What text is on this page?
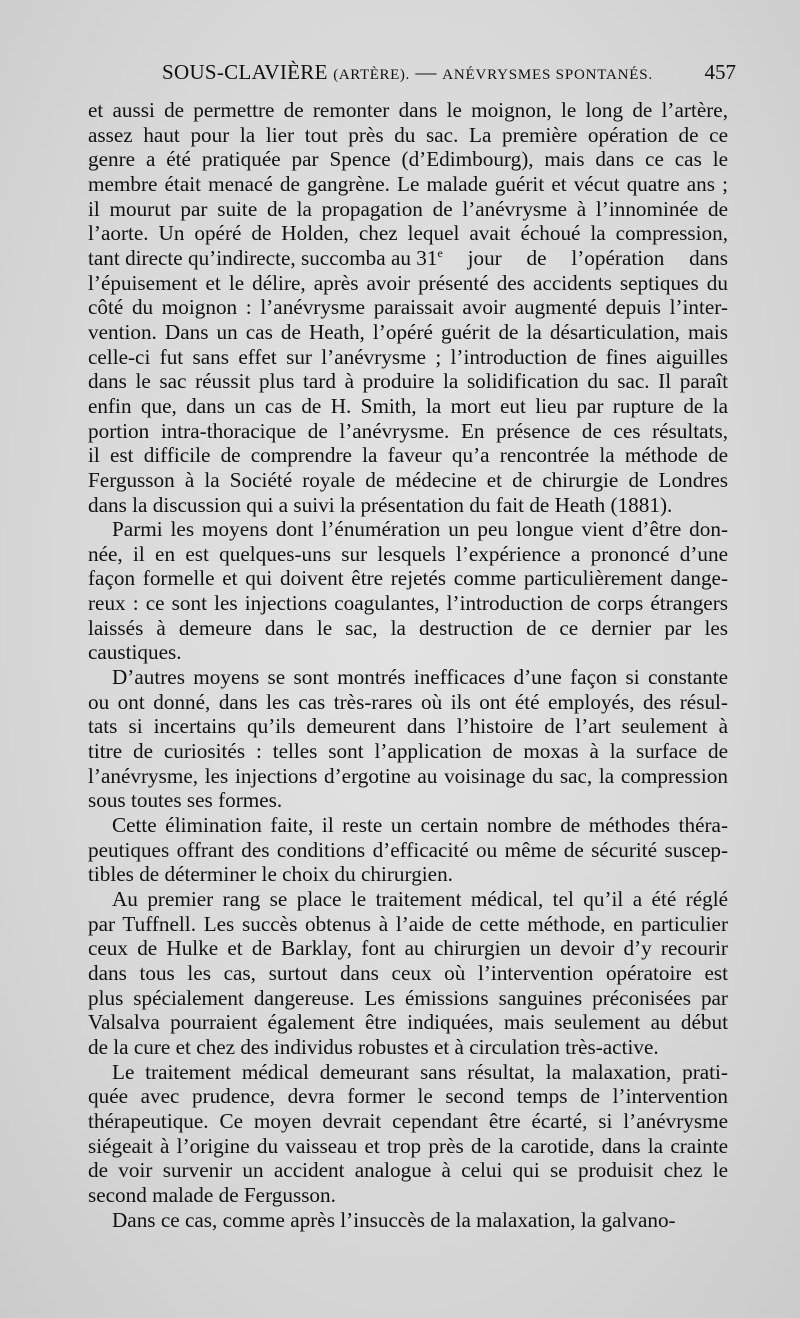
SOUS-CLAVIÈRE (ARTÈRE). — ANÉVRYSMES SPONTANÉS. 457
et aussi de permettre de remonter dans le moignon, le long de l’artère,
assez haut pour la lier tout près du sac. La première opération de ce
genre a été pratiquée par Spence (d’Edimbourg), mais dans ce cas le
membre était menacé de gangrène. Le malade guérit et vécut quatre ans ;
il mourut par suite de la propagation de l’anévrysme à l’innominée de
l’aorte. Un opéré de Holden, chez lequel avait échoué la compression,
tant directe qu’indirecte, succomba au 31e jour de l’opération dans
l’épuisement et le délire, après avoir présenté des accidents septiques du
côté du moignon : l’anévrysme paraissait avoir augmenté depuis l’inter-
vention. Dans un cas de Heath, l’opéré guérit de la désarticulation, mais
celle-ci fut sans effet sur l’anévrysme ; l’introduction de fines aiguilles
dans le sac réussit plus tard à produire la solidification du sac. Il paraît
enfin que, dans un cas de H. Smith, la mort eut lieu par rupture de la
portion intra-thoracique de l’anévrysme. En présence de ces résultats,
il est difficile de comprendre la faveur qu’a rencontrée la méthode de
Fergusson à la Société royale de médecine et de chirurgie de Londres
dans la discussion qui a suivi la présentation du fait de Heath (1881).
Parmi les moyens dont l’énumération un peu longue vient d’être don-
née, il en est quelques-uns sur lesquels l’expérience a prononcé d’une
façon formelle et qui doivent être rejetés comme particulièrement dange-
reux : ce sont les injections coagulantes, l’introduction de corps étrangers
laissés à demeure dans le sac, la destruction de ce dernier par les
caustiques.
D’autres moyens se sont montrés inefficaces d’une façon si constante
ou ont donné, dans les cas très-rares où ils ont été employés, des résul-
tats si incertains qu’ils demeurent dans l’histoire de l’art seulement à
titre de curiosités : telles sont l’application de moxas à la surface de
l’anévrysme, les injections d’ergotine au voisinage du sac, la compression
sous toutes ses formes.
Cette élimination faite, il reste un certain nombre de méthodes théra-
peutiques offrant des conditions d’efficacité ou même de sécurité suscep-
tibles de déterminer le choix du chirurgien.
Au premier rang se place le traitement médical, tel qu’il a été réglé
par Tuffnell. Les succès obtenus à l’aide de cette méthode, en particulier
ceux de Hulke et de Barklay, font au chirurgien un devoir d’y recourir
dans tous les cas, surtout dans ceux où l’intervention opératoire est
plus spécialement dangereuse. Les émissions sanguines préconisées par
Valsalva pourraient également être indiquées, mais seulement au début
de la cure et chez des individus robustes et à circulation très-active.
Le traitement médical demeurant sans résultat, la malaxation, prati-
quée avec prudence, devra former le second temps de l’intervention
thérapeutique. Ce moyen devrait cependant être écarté, si l’anévrysme
siégeait à l’origine du vaisseau et trop près de la carotide, dans la crainte
de voir survenir un accident analogue à celui qui se produisit chez le
second malade de Fergusson.
Dans ce cas, comme après l’insuccès de la malaxation, la galvano-
